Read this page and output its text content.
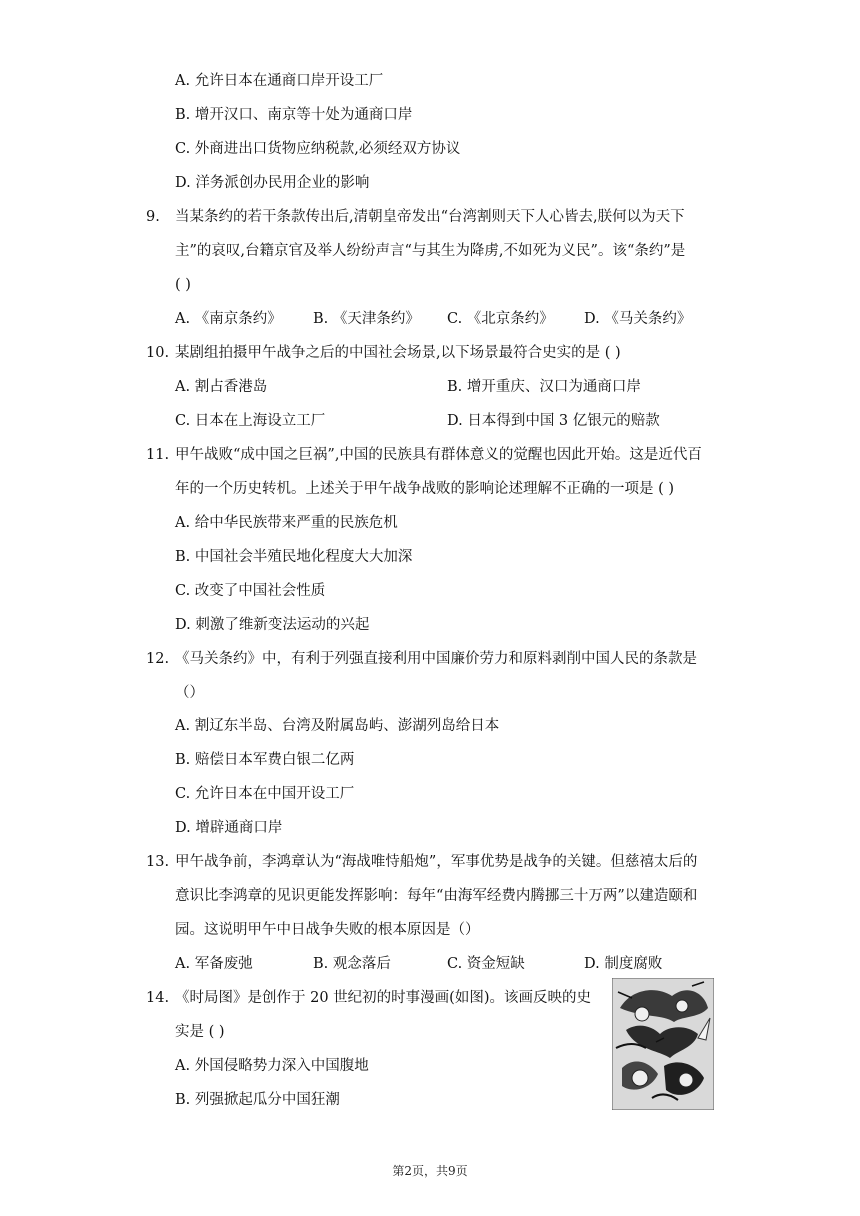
A. 允许日本在通商口岸开设工厂
B. 增开汉口、南京等十处为通商口岸
C. 外商进出口货物应纳税款,必须经双方协议
D. 洋务派创办民用企业的影响
9. 当某条约的若干条款传出后,清朝皇帝发出“台湾割则天下人心皆去,朕何以为天下
主”的哀叹,台籍京官及举人纷纷声言“与其生为降虏,不如死为义民”。该“条约”是
( )
A. 《南京条约》 B. 《天津条约》 C. 《北京条约》 D. 《马关条约》
10. 某剧组拍摄甲午战争之后的中国社会场景,以下场景最符合史实的是 ( )
A. 割占香港岛	B. 增开重庆、汉口为通商口岸
C. 日本在上海设立工厂	D. 日本得到中国 3 亿银元的赔款
11. 甲午战败“成中国之巨祸”,中国的民族具有群体意义的觉醒也因此开始。这是近代百
年的一个历史转机。上述关于甲午战争战败的影响论述理解不正确的一项是 ( )
A. 给中华民族带来严重的民族危机
B. 中国社会半殖民地化程度大大加深
C. 改变了中国社会性质
D. 刺激了维新变法运动的兴起
12. 《马关条约》中，有利于列强直接利用中国廉价劳力和原料剥削中国人民的条款是
（）
A. 割辽东半岛、台湾及附属岛屿、澎湖列岛给日本
B. 赔偿日本军费白银二亿两
C. 允许日本在中国开设工厂
D. 增辟通商口岸
13. 甲午战争前，李鸿章认为“海战唯恃船炮”，军事优势是战争的关键。但慈禧太后的
意识比李鸿章的见识更能发挥影响：每年“由海军经费内腾挪三十万两”以建造颐和
园。这说明甲午中日战争失败的根本原因是（）
A. 军备废弛	B. 观念落后	C. 资金短缺	D. 制度腐败
14. 《时局图》是创作于 20 世纪初的时事漫画(如图)。该画反映的史
实是 ( )
A. 外国侵略势力深入中国腹地
B. 列强掀起瓜分中国狂潮
第2页，共9页
